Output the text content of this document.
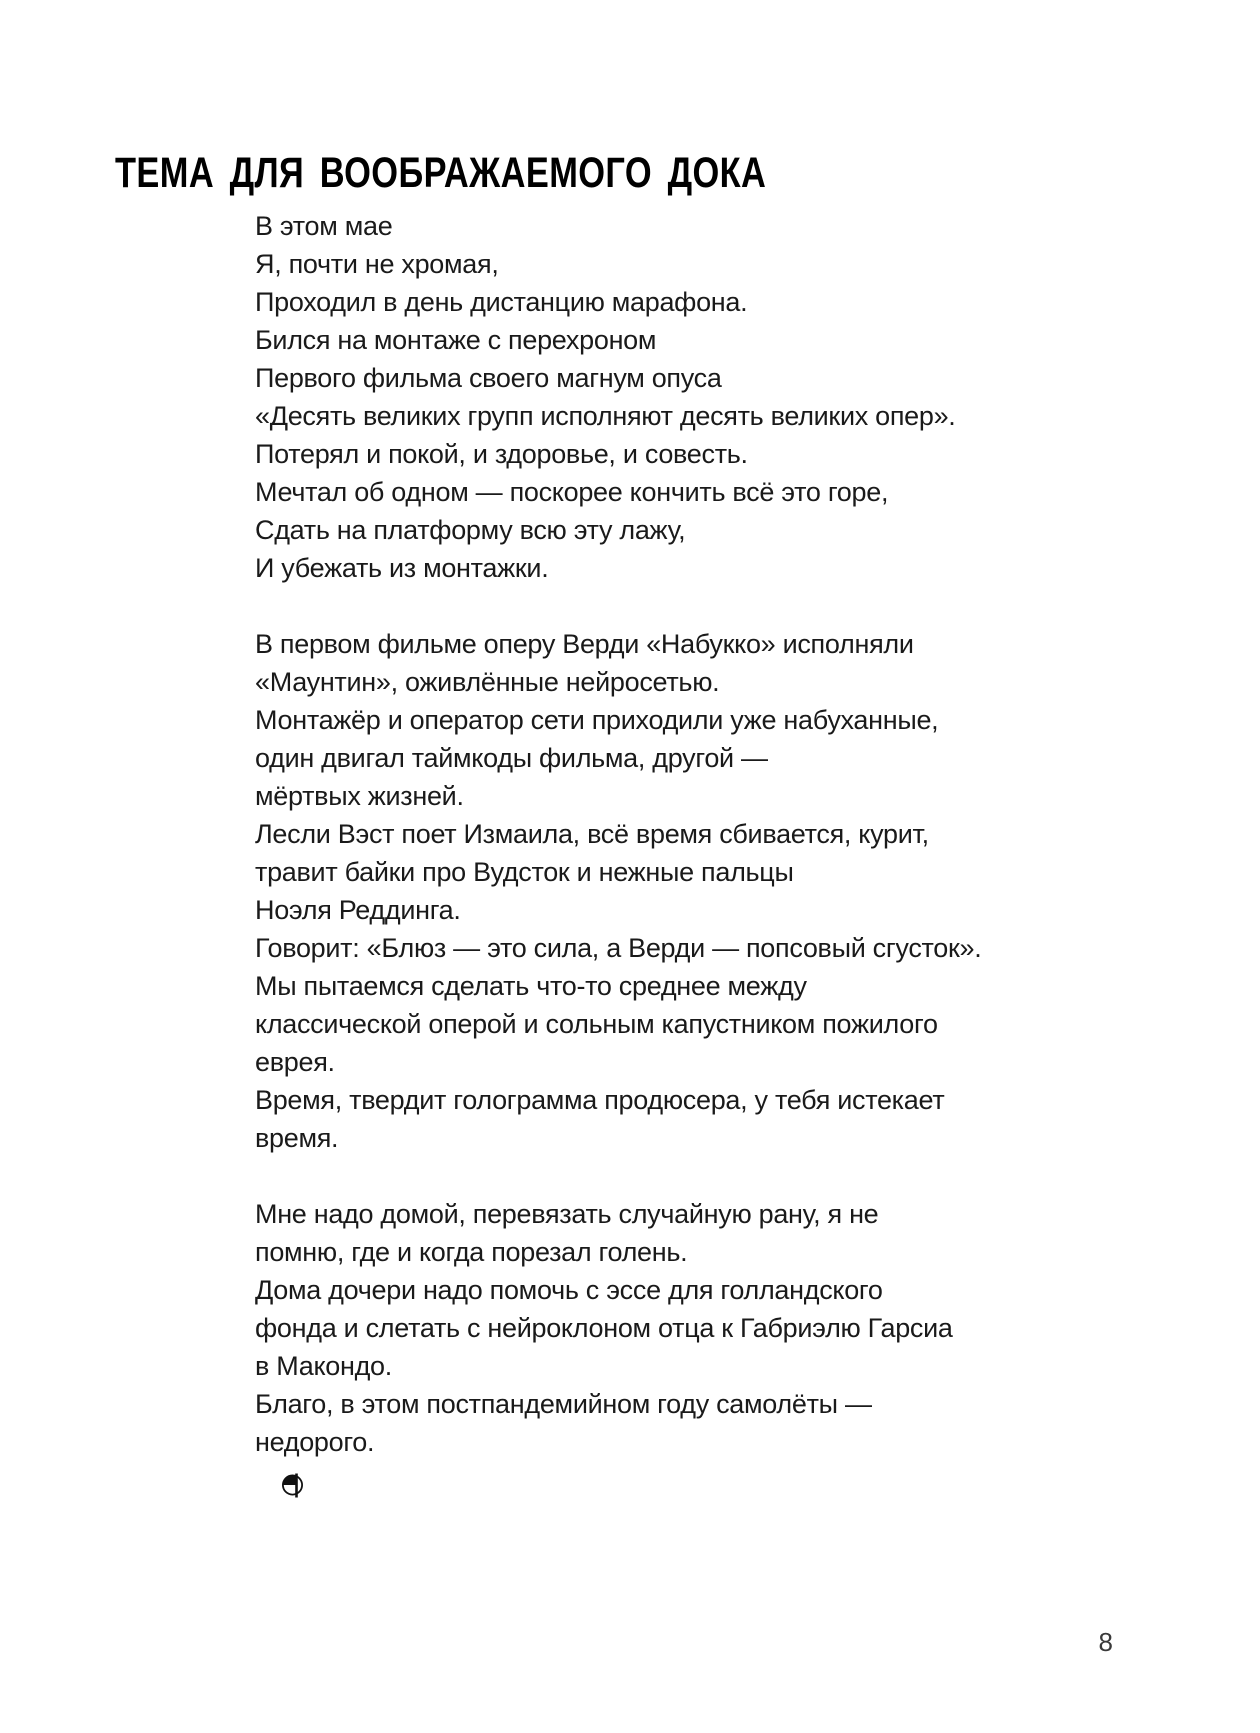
ТЕМА ДЛЯ ВООБРАЖАЕМОГО ДОКА
В этом мае
Я, почти не хромая,
Проходил в день дистанцию марафона.
Бился на монтаже с перехроном
Первого фильма своего магнум опуса
«Десять великих групп исполняют десять великих опер».
Потерял и покой, и здоровье, и совесть.
Мечтал об одном — поскорее кончить всё это горе,
Сдать на платформу всю эту лажу,
И убежать из монтажки.
В первом фильме оперу Верди «Набукко» исполняли
«Маунтин», оживлённые нейросетью.
Монтажёр и оператор сети приходили уже набуханные,
один двигал таймкоды фильма, другой —
мёртвых жизней.
Лесли Вэст поет Измаила, всё время сбивается, курит,
травит байки про Вудсток и нежные пальцы
Ноэля Реддинга.
Говорит: «Блюз — это сила, а Верди — попсовый сгусток».
Мы пытаемся сделать что-то среднее между
классической оперой и сольным капустником пожилого
еврея.
Время, твердит голограмма продюсера, у тебя истекает
время.
Мне надо домой, перевязать случайную рану, я не
помню, где и когда порезал голень.
Дома дочери надо помочь с эссе для голландского
фонда и слетать с нейроклоном отца к Габриэлю Гарсиа
в Макондо.
Благо, в этом постпандемийном году самолёты —
недорого.
8
